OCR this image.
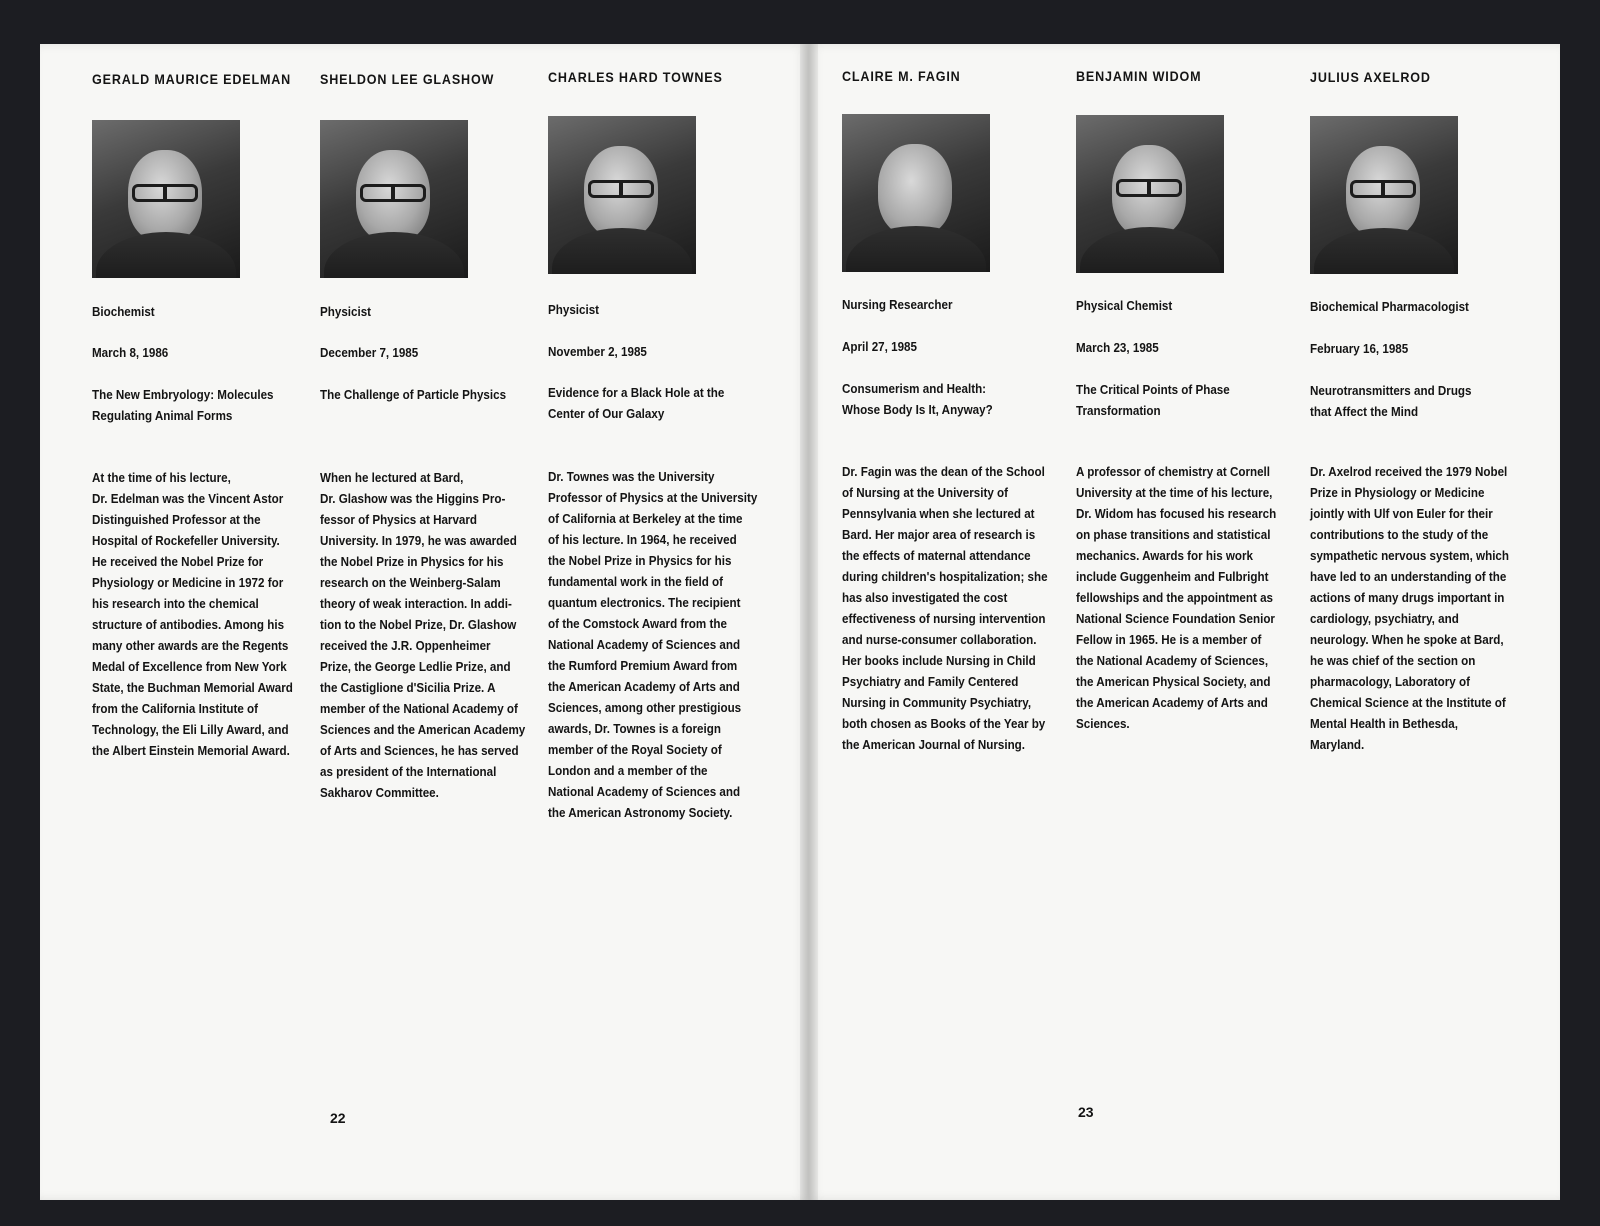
GERALD MAURICE EDELMAN
Biochemist
March 8, 1986
The New Embryology: Molecules
Regulating Animal Forms
At the time of his lecture,
Dr. Edelman was the Vincent Astor
Distinguished Professor at the
Hospital of Rockefeller University.
He received the Nobel Prize for
Physiology or Medicine in 1972 for
his research into the chemical
structure of antibodies. Among his
many other awards are the Regents
Medal of Excellence from New York
State, the Buchman Memorial Award
from the California Institute of
Technology, the Eli Lilly Award, and
the Albert Einstein Memorial Award.
SHELDON LEE GLASHOW
Physicist
December 7, 1985
The Challenge of Particle Physics
When he lectured at Bard,
Dr. Glashow was the Higgins Pro-
fessor of Physics at Harvard
University. In 1979, he was awarded
the Nobel Prize in Physics for his
research on the Weinberg-Salam
theory of weak interaction. In addi-
tion to the Nobel Prize, Dr. Glashow
received the J.R. Oppenheimer
Prize, the George Ledlie Prize, and
the Castiglione d'Sicilia Prize. A
member of the National Academy of
Sciences and the American Academy
of Arts and Sciences, he has served
as president of the International
Sakharov Committee.
CHARLES HARD TOWNES
Physicist
November 2, 1985
Evidence for a Black Hole at the
Center of Our Galaxy
Dr. Townes was the University
Professor of Physics at the University
of California at Berkeley at the time
of his lecture. In 1964, he received
the Nobel Prize in Physics for his
fundamental work in the field of
quantum electronics. The recipient
of the Comstock Award from the
National Academy of Sciences and
the Rumford Premium Award from
the American Academy of Arts and
Sciences, among other prestigious
awards, Dr. Townes is a foreign
member of the Royal Society of
London and a member of the
National Academy of Sciences and
the American Astronomy Society.
22
CLAIRE M. FAGIN
Nursing Researcher
April 27, 1985
Consumerism and Health:
Whose Body Is It, Anyway?
Dr. Fagin was the dean of the School
of Nursing at the University of
Pennsylvania when she lectured at
Bard. Her major area of research is
the effects of maternal attendance
during children's hospitalization; she
has also investigated the cost
effectiveness of nursing intervention
and nurse-consumer collaboration.
Her books include Nursing in Child
Psychiatry and Family Centered
Nursing in Community Psychiatry,
both chosen as Books of the Year by
the American Journal of Nursing.
BENJAMIN WIDOM
Physical Chemist
March 23, 1985
The Critical Points of Phase
Transformation
A professor of chemistry at Cornell
University at the time of his lecture,
Dr. Widom has focused his research
on phase transitions and statistical
mechanics. Awards for his work
include Guggenheim and Fulbright
fellowships and the appointment as
National Science Foundation Senior
Fellow in 1965. He is a member of
the National Academy of Sciences,
the American Physical Society, and
the American Academy of Arts and
Sciences.
JULIUS AXELROD
Biochemical Pharmacologist
February 16, 1985
Neurotransmitters and Drugs
that Affect the Mind
Dr. Axelrod received the 1979 Nobel
Prize in Physiology or Medicine
jointly with Ulf von Euler for their
contributions to the study of the
sympathetic nervous system, which
have led to an understanding of the
actions of many drugs important in
cardiology, psychiatry, and
neurology. When he spoke at Bard,
he was chief of the section on
pharmacology, Laboratory of
Chemical Science at the Institute of
Mental Health in Bethesda,
Maryland.
23
